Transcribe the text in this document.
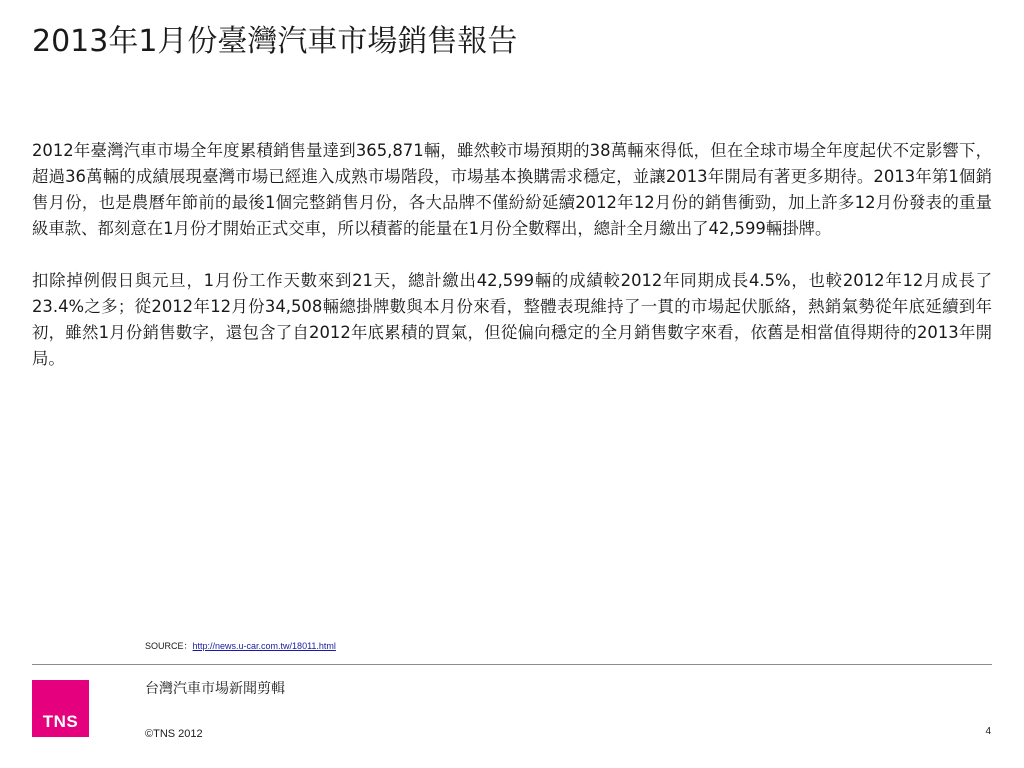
2013年1月份臺灣汽車市場銷售報告

2012年臺灣汽車市場全年度累積銷售量達到365,871輛，雖然較市場預期的38萬輛來得低，但在全球市場全年度起伏不定影響下，超過36萬輛的成績展現臺灣市場已經進入成熟市場階段，市場基本換購需求穩定，並讓2013年開局有著更多期待。2013年第1個銷售月份，也是農曆年節前的最後1個完整銷售月份，各大品牌不僅紛紛延續2012年12月份的銷售衝勁，加上許多12月份發表的重量級車款、都刻意在1月份才開始正式交車，所以積蓄的能量在1月份全數釋出，總計全月繳出了42,599輛掛牌。

扣除掉例假日與元旦，1月份工作天數來到21天，總計繳出42,599輛的成績較2012年同期成長4.5%，也較2012年12月成長了23.4%之多；從2012年12月份34,508輛總掛牌數與本月份來看，整體表現維持了一貫的市場起伏脈絡，熱銷氣勢從年底延續到年初，雖然1月份銷售數字，還包含了自2012年底累積的買氣，但從偏向穩定的全月銷售數字來看，依舊是相當值得期待的2013年開局。

SOURCE：http://news.u-car.com.tw/18011.html
TNS
台灣汽車市場新聞剪輯
©TNS 2012	4
